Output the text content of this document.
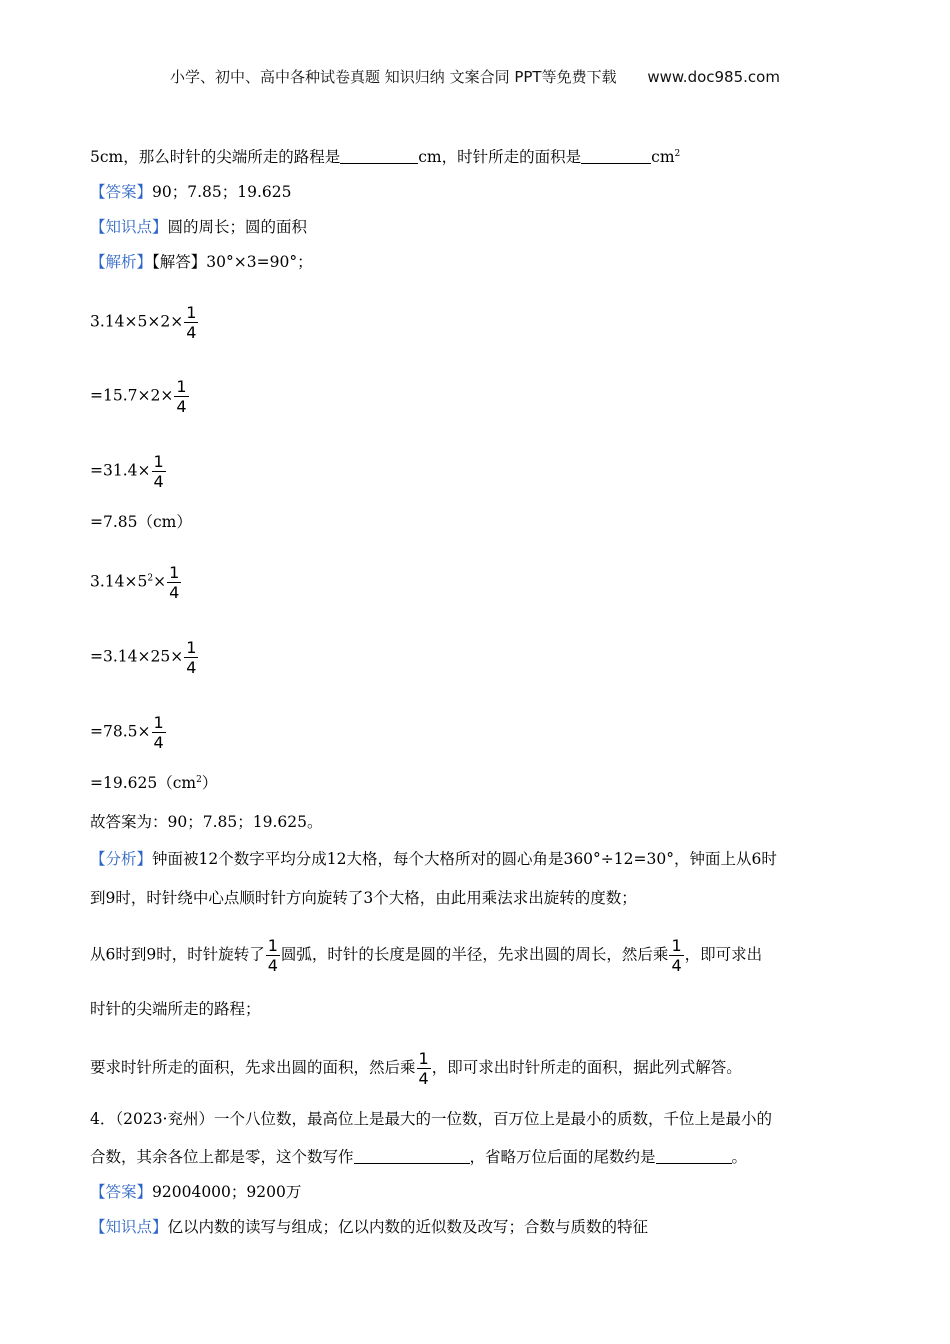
小学、初中、高中各种试卷真题 知识归纳 文案合同 PPT等免费下载 www.doc985.com
5cm，那么时针的尖端所走的路程是	cm，时针所走的面积是	$cm^2$
【答案】90；7.85；19.625
【知识点】圆的周长；圆的面积
【解析】【解答】30°×3=90°；
$3.14\times 5\times 2\times \frac{1}{4}$
$=15.7\times 2\times \frac{1}{4}$
$=31.4\times \frac{1}{4}$
=7.85（cm）
$3.14\times 5^2\times \frac{1}{4}$
$=3.14\times 25\times \frac{1}{4}$
$=78.5\times \frac{1}{4}$
$=19.625(cm^2)$
故答案为：90；7.85；19.625。
【分析】钟面被12个数字平均分成12大格，每个大格所对的圆心角是360°÷12=30°，钟面上从6时
到9时，时针绕中心点顺时针方向旋转了3个大格，由此用乘法求出旋转的度数；
从6时到9时，时针旋转了 $\frac{1}{4}$ 圆弧，时针的长度是圆的半径，先求出圆的周长，然后乘 $\frac{1}{4}$ ，即可求出
时针的尖端所走的路程；
要求时针所走的面积，先求出圆的面积，然后乘 $\frac{1}{4}$ ，即可求出时针所走的面积，据此列式解答。
4．（2023·兖州）一个八位数，最高位上是最大的一位数，百万位上是最小的质数，千位上是最小的
合数，其余各位上都是零，这个数写作	，省略万位后面的尾数约是	。
【答案】92004000；9200万
【知识点】亿以内数的读写与组成；亿以内数的近似数及改写；合数与质数的特征
